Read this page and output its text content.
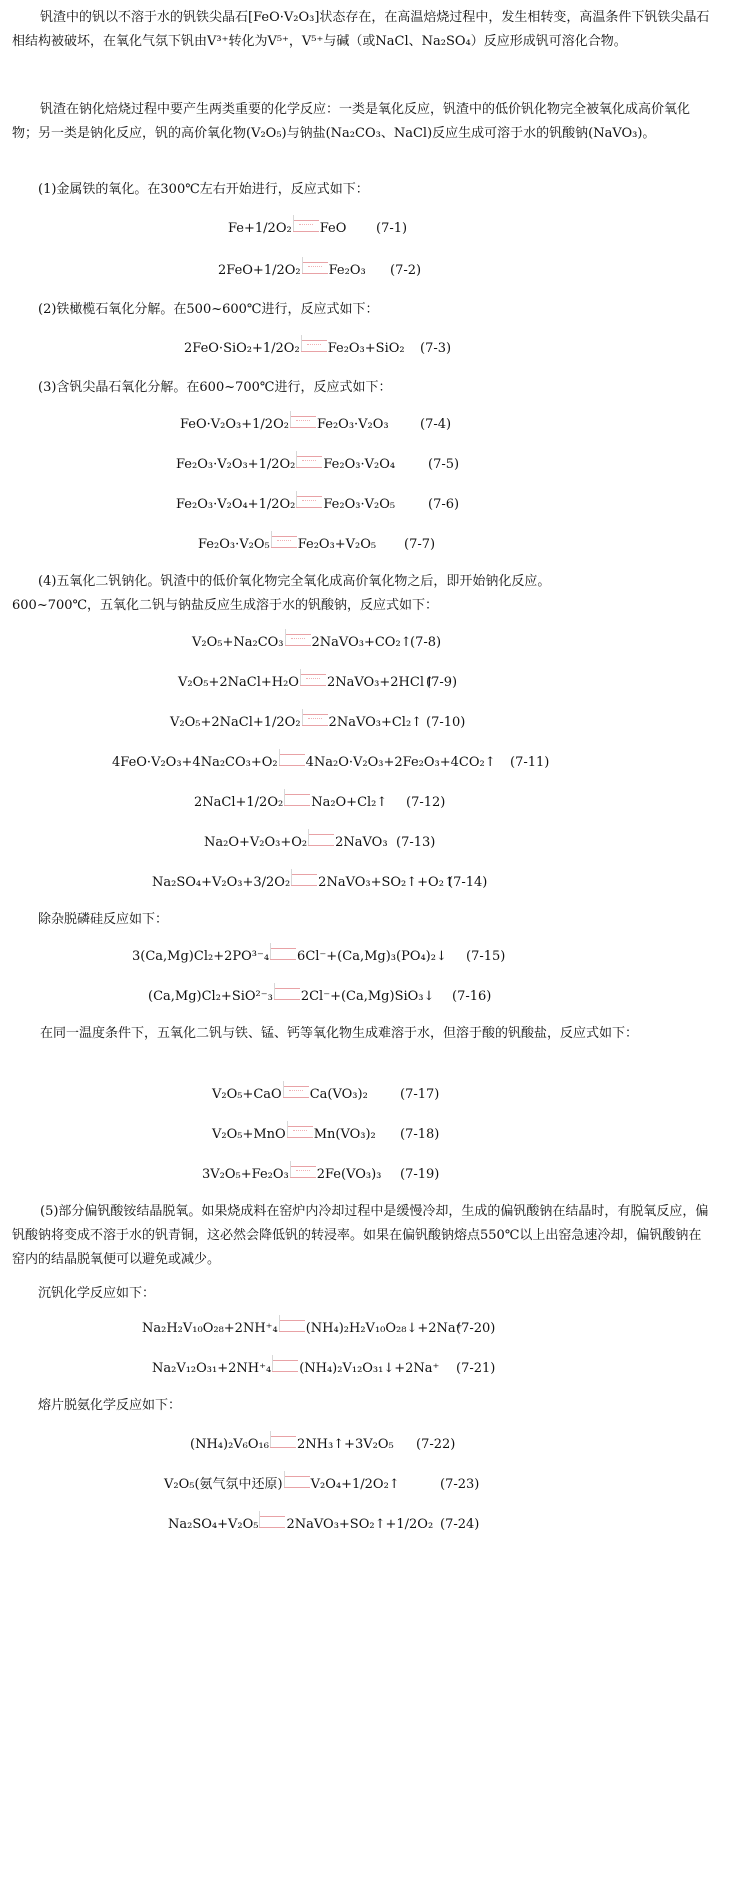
钒渣中的钒以不溶于水的钒铁尖晶石[FeO·V₂O₃]状态存在，在高温焙烧过程中，发生相转变，高温条件下钒铁尖晶石相结构被破坏，在氧化气氛下钒由V³⁺转化为V⁵⁺，V⁵⁺与碱（或NaCl、Na₂SO₄）反应形成钒可溶化合物。

钒渣在钠化焙烧过程中要产生两类重要的化学反应：一类是氧化反应，钒渣中的低价钒化物完全被氧化成高价氧化物；另一类是钠化反应，钒的高价氧化物(V₂O₅)与钠盐(Na₂CO₃、NaCl)反应生成可溶于水的钒酸钠(NaVO₃)。

(1)金属铁的氧化。在300℃左右开始进行，反应式如下：

Fe+1/2O₂ FeO (7-1)
2FeO+1/2O₂ Fe₂O₃ (7-2)

(2)铁橄榄石氧化分解。在500~600℃进行，反应式如下：

2FeO·SiO₂+1/2O₂ Fe₂O₃+SiO₂ (7-3)

(3)含钒尖晶石氧化分解。在600~700℃进行，反应式如下：

FeO·V₂O₃+1/2O₂ Fe₂O₃·V₂O₃ (7-4)
Fe₂O₃·V₂O₃+1/2O₂ Fe₂O₃·V₂O₄	(7-5)
Fe₂O₃·V₂O₄+1/2O₂ Fe₂O₃·V₂O₅	(7-6)
Fe₂O₃·V₂O₅ Fe₂O₃+V₂O₅ (7-7)

(4)五氧化二钒钠化。钒渣中的低价氧化物完全氧化成高价氧化物之后，即开始钠化反应。

600~700℃，五氧化二钒与钠盐反应生成溶于水的钒酸钠，反应式如下：

V₂O₅+Na₂CO₃ 2NaVO₃+CO₂↑
(7-8)
V₂O₅+2NaCl+H₂O 2NaVO₃+2HCl↑
(7-9)
V₂O₅+2NaCl+1/2O₂ 2NaVO₃+Cl₂↑ (7-10)
4FeO·V₂O₃+4Na₂CO₃+O₂ 4Na₂O·V₂O₃+2Fe₂O₃+4CO₂↑ (7-11)
2NaCl+1/2O₂ Na₂O+Cl₂↑ (7-12)
Na₂O+V₂O₃+O₂ 2NaVO₃ (7-13)
Na₂SO₄+V₂O₃+3/2O₂ 2NaVO₃+SO₂↑+O₂↑
(7-14)

除杂脱磷硅反应如下：

3(Ca,Mg)Cl₂+2PO³⁻₄ 6Cl⁻+(Ca,Mg)₃(PO₄)₂↓ (7-15)
(Ca,Mg)Cl₂+SiO²⁻₃ 2Cl⁻+(Ca,Mg)SiO₃↓ (7-16)

在同一温度条件下，五氧化二钒与铁、锰、钙等氧化物生成难溶于水，但溶于酸的钒酸盐，反应式如下：

V₂O₅+CaO Ca(VO₃)₂ (7-17)
V₂O₅+MnO Mn(VO₃)₂ (7-18)
3V₂O₅+Fe₂O₃ 2Fe(VO₃)₃ (7-19)

(5)部分偏钒酸铵结晶脱氧。如果烧成料在窑炉内冷却过程中是缓慢冷却，生成的偏钒酸钠在结晶时，有脱氧反应，偏钒酸钠将变成不溶于水的钒青铜，这必然会降低钒的转浸率。如果在偏钒酸钠熔点550℃以上出窑急速冷却，偏钒酸钠在窑内的结晶脱氧便可以避免或减少。

沉钒化学反应如下：

Na₂H₂V₁₀O₂₈+2NH⁺₄ (NH₄)₂H₂V₁₀O₂₈↓+2Na⁺
(7-20)
Na₂V₁₂O₃₁+2NH⁺₄ (NH₄)₂V₁₂O₃₁↓+2Na⁺ (7-21)

熔片脱氨化学反应如下：

(NH₄)₂V₆O₁₆ 2NH₃↑+3V₂O₅ (7-22)
V₂O₅(氨气氛中还原) V₂O₄+1/2O₂↑	(7-23)
Na₂SO₄+V₂O₅ 2NaVO₃+SO₂↑+1/2O₂ (7-24)
